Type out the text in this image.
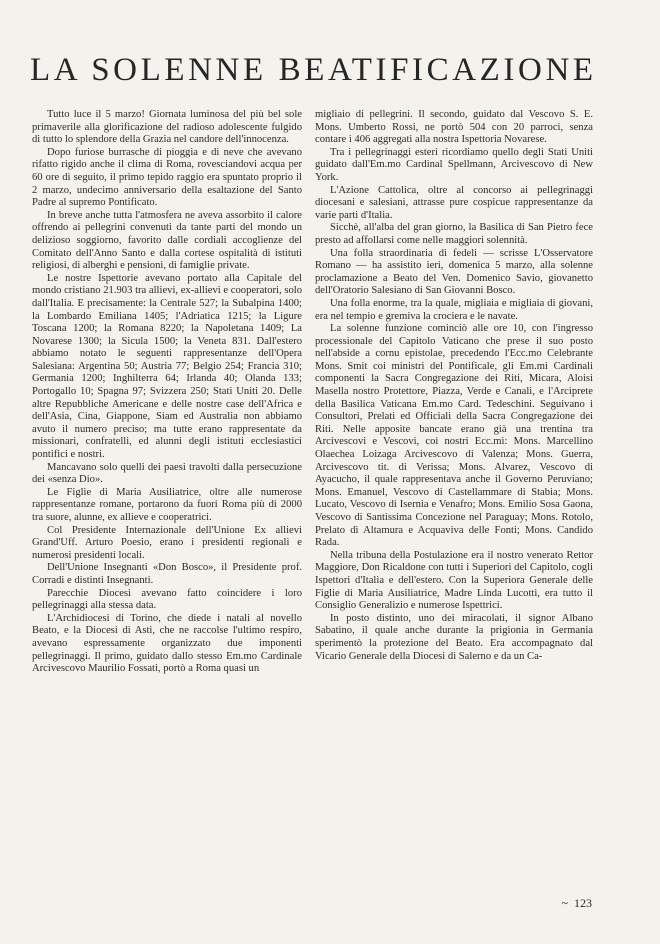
LA SOLENNE BEATIFICAZIONE

Tutto luce il 5 marzo! Giornata luminosa del più bel sole primaverile alla glorificazione del radioso adolescente fulgido di tutto lo splendore della Grazia nel candore dell'innocenza.

Dopo furiose burrasche di pioggia e di neve che avevano rifatto rigido anche il clima di Roma, rovesciandovi acqua per 60 ore di seguito, il primo tepido raggio era spuntato proprio il 2 marzo, undecimo anniversario della esaltazione del Santo Padre al supremo Pontificato.

In breve anche tutta l'atmosfera ne aveva assorbito il calore offrendo ai pellegrini convenuti da tante parti del mondo un delizioso soggiorno, favorito dalle cordiali accoglienze del Comitato dell'Anno Santo e dalla cortese ospitalità di istituti religiosi, di alberghi e pensioni, di famiglie private.

Le nostre Ispettorie avevano portato alla Capitale del mondo cristiano 21.903 tra allievi, ex-allievi e cooperatori, solo dall'Italia. E precisamente: la Centrale 527; la Subalpina 1400; la Lombardo Emiliana 1405; l'Adriatica 1215; la Ligure Toscana 1200; la Romana 8220; la Napoletana 1409; La Novarese 1300; la Sicula 1500; la Veneta 831. Dall'estero abbiamo notato le seguenti rappresentanze dell'Opera Salesiana: Argentina 50; Austria 77; Belgio 254; Francia 310; Germania 1200; Inghilterra 64; Irlanda 40; Olanda 133; Portogallo 10; Spagna 97; Svizzera 250; Stati Uniti 20. Delle altre Repubbliche Americane e delle nostre case dell'Africa e dell'Asia, Cina, Giappone, Siam ed Australia non abbiamo avuto il numero preciso; ma tutte erano rappresentate da missionari, confratelli, ed alunni degli istituti ecclesiastici pontifici e nostri.

Mancavano solo quelli dei paesi travolti dalla persecuzione dei «senza Dio».

Le Figlie di Maria Ausiliatrice, oltre alle numerose rappresentanze romane, portarono da fuori Roma più di 2000 tra suore, alunne, ex allieve e cooperatrici.

Col Presidente Internazionale dell'Unione Ex allievi Grand'Uff. Arturo Poesio, erano i presidenti regionali e numerosi presidenti locali.

Dell'Unione Insegnanti «Don Bosco», il Presidente prof. Corradi e distinti Insegnanti.

Parecchie Diocesi avevano fatto coincidere i loro pellegrinaggi alla stessa data.

L'Archidiocesi di Torino, che diede i natali al novello Beato, e la Diocesi di Asti, che ne raccolse l'ultimo respiro, avevano espressamente organizzato due imponenti pellegrinaggi. Il primo, guidato dallo stesso Em.mo Cardinale Arcivescovo Maurilio Fossati, portò a Roma quasi un

migliaio di pellegrini. Il secondo, guidato dal Vescovo S. E. Mons. Umberto Rossi, ne portò 504 con 20 parroci, senza contare i 406 aggregati alla nostra Ispettoria Novarese.

Tra i pellegrinaggi esteri ricordiamo quello degli Stati Uniti guidato dall'Em.mo Cardinal Spellmann, Arcivescovo di New York.

L'Azione Cattolica, oltre al concorso ai pellegrinaggi diocesani e salesiani, attrasse pure cospicue rappresentanze da varie parti d'Italia.

Sicchè, all'alba del gran giorno, la Basilica di San Pietro fece presto ad affollarsi come nelle maggiori solennità.

Una folla straordinaria di fedeli — scrisse L'Osservatore Romano — ha assistito ieri, domenica 5 marzo, alla solenne proclamazione a Beato del Ven. Domenico Savio, giovanetto dell'Oratorio Salesiano di San Giovanni Bosco.

Una folla enorme, tra la quale, migliaia e migliaia di giovani, era nel tempio e gremiva la crociera e le navate.

La solenne funzione cominciò alle ore 10, con l'ingresso processionale del Capitolo Vaticano che prese il suo posto nell'abside a cornu epistolae, precedendo l'Ecc.mo Celebrante Mons. Smit coi ministri del Pontificale, gli Em.mi Cardinali componenti la Sacra Congregazione dei Riti, Micara, Aloisi Masella nostro Protettore, Piazza, Verde e Canali, e l'Arciprete della Basilica Vaticana Em.mo Card. Tedeschini. Seguivano i Consultori, Prelati ed Officiali della Sacra Congregazione dei Riti. Nelle apposite bancate erano già una trentina tra Arcivescovi e Vescovi, coi nostri Ecc.mi: Mons. Marcellino Olaechea Loizaga Arcivescovo di Valenza; Mons. Guerra, Arcivescovo tit. di Verissa; Mons. Alvarez, Vescovo di Ayacucho, il quale rappresentava anche il Governo Peruviano; Mons. Emanuel, Vescovo di Castellammare di Stabia; Mons. Lucato, Vescovo di Isernia e Venafro; Mons. Emilio Sosa Gaona, Vescovo di Santissima Concezione nel Paraguay; Mons. Rotolo, Prelato di Altamura e Acquaviva delle Fonti; Mons. Candido Rada.

Nella tribuna della Postulazione era il nostro venerato Rettor Maggiore, Don Ricaldone con tutti i Superiori del Capitolo, cogli Ispettori d'Italia e dell'estero. Con la Superiora Generale delle Figlie di Maria Ausiliatrice, Madre Linda Lucotti, era tutto il Consiglio Generalizio e numerose Ispettrici.

In posto distinto, uno dei miracolati, il signor Albano Sabatino, il quale anche durante la prigionia in Germania sperimentò la protezione del Beato. Era accompagnato dal Vicario Generale della Diocesi di Salerno e da un Ca-

~ 123
